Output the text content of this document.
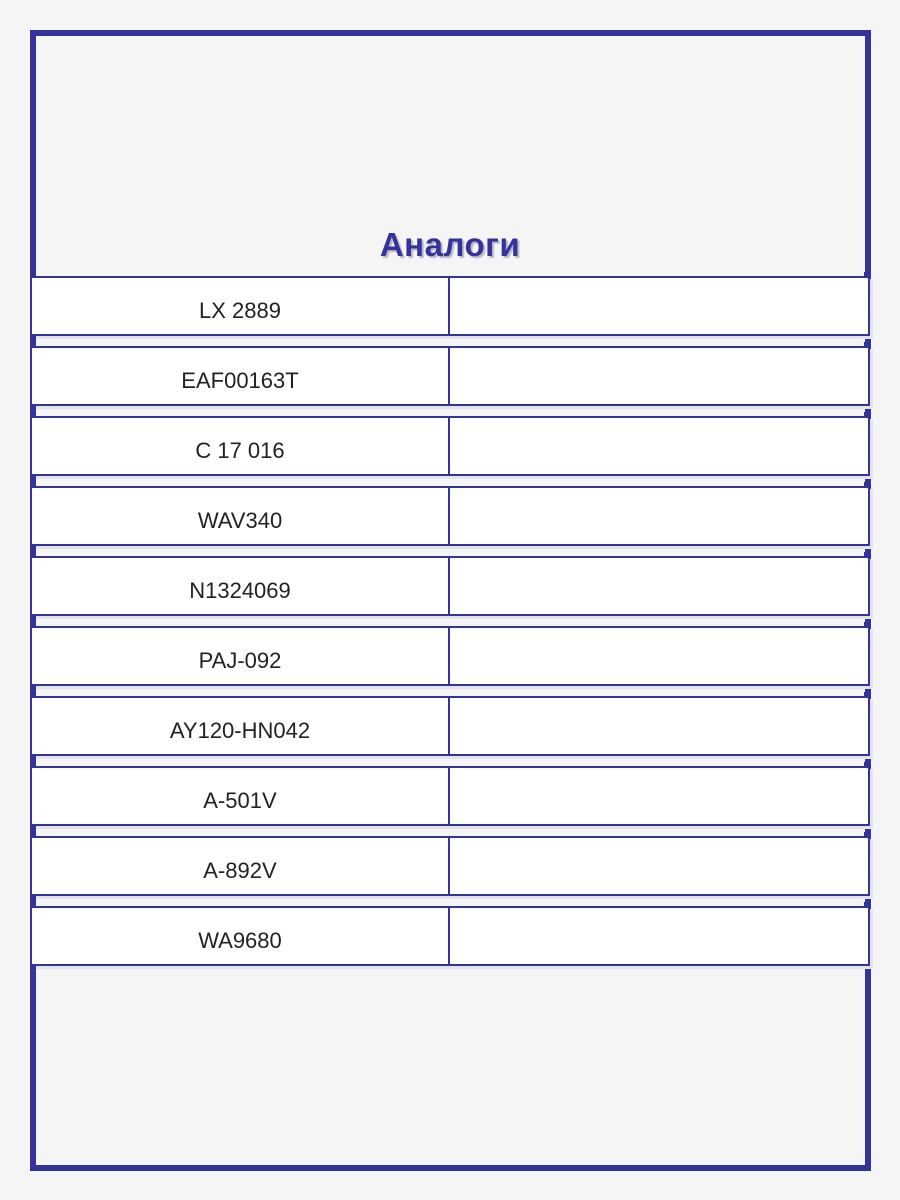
Аналоги
LX 2889
EAF00163T
C 17 016
WAV340
N1324069
PAJ-092
AY120-HN042
A-501V
A-892V
WA9680
